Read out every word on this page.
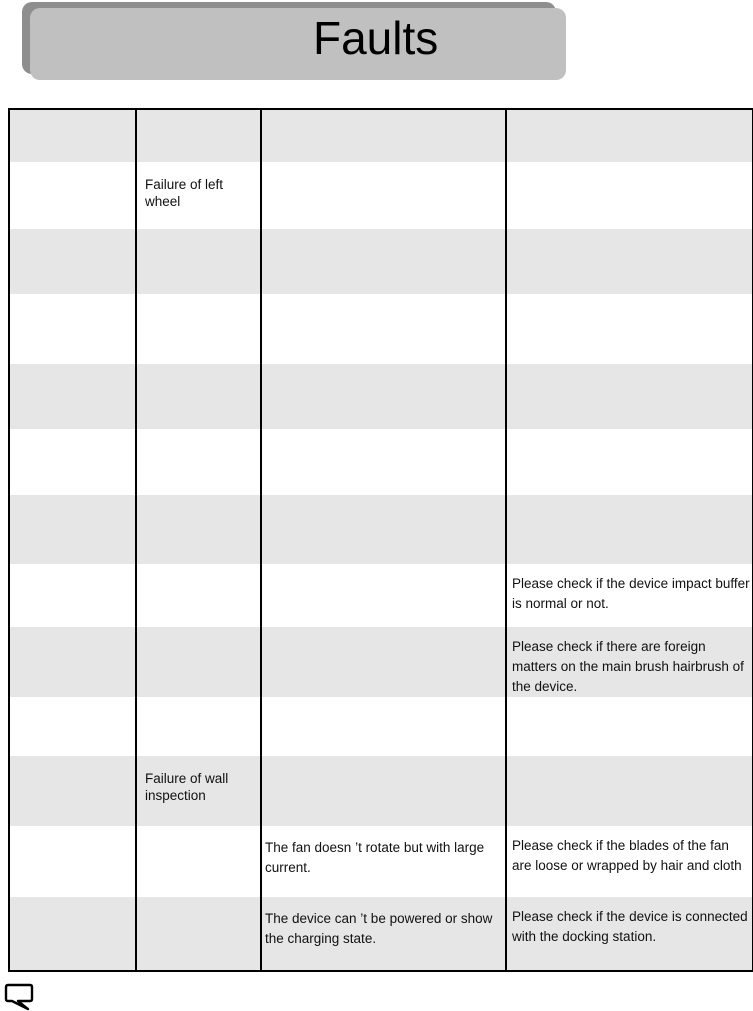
Faults

	Failure of left wheel		

			Please check if the device impact buffer is normal or not.

			Please check if there are foreign matters on the main brush hairbrush of the device.

	Failure of wall inspection		

		The fan doesn ’t rotate but with large current.	Please check if the blades of the fan are loose or wrapped by hair and cloth

		The device can ’t be powered or show the charging state.	Please check if the device is connected with the docking station.
